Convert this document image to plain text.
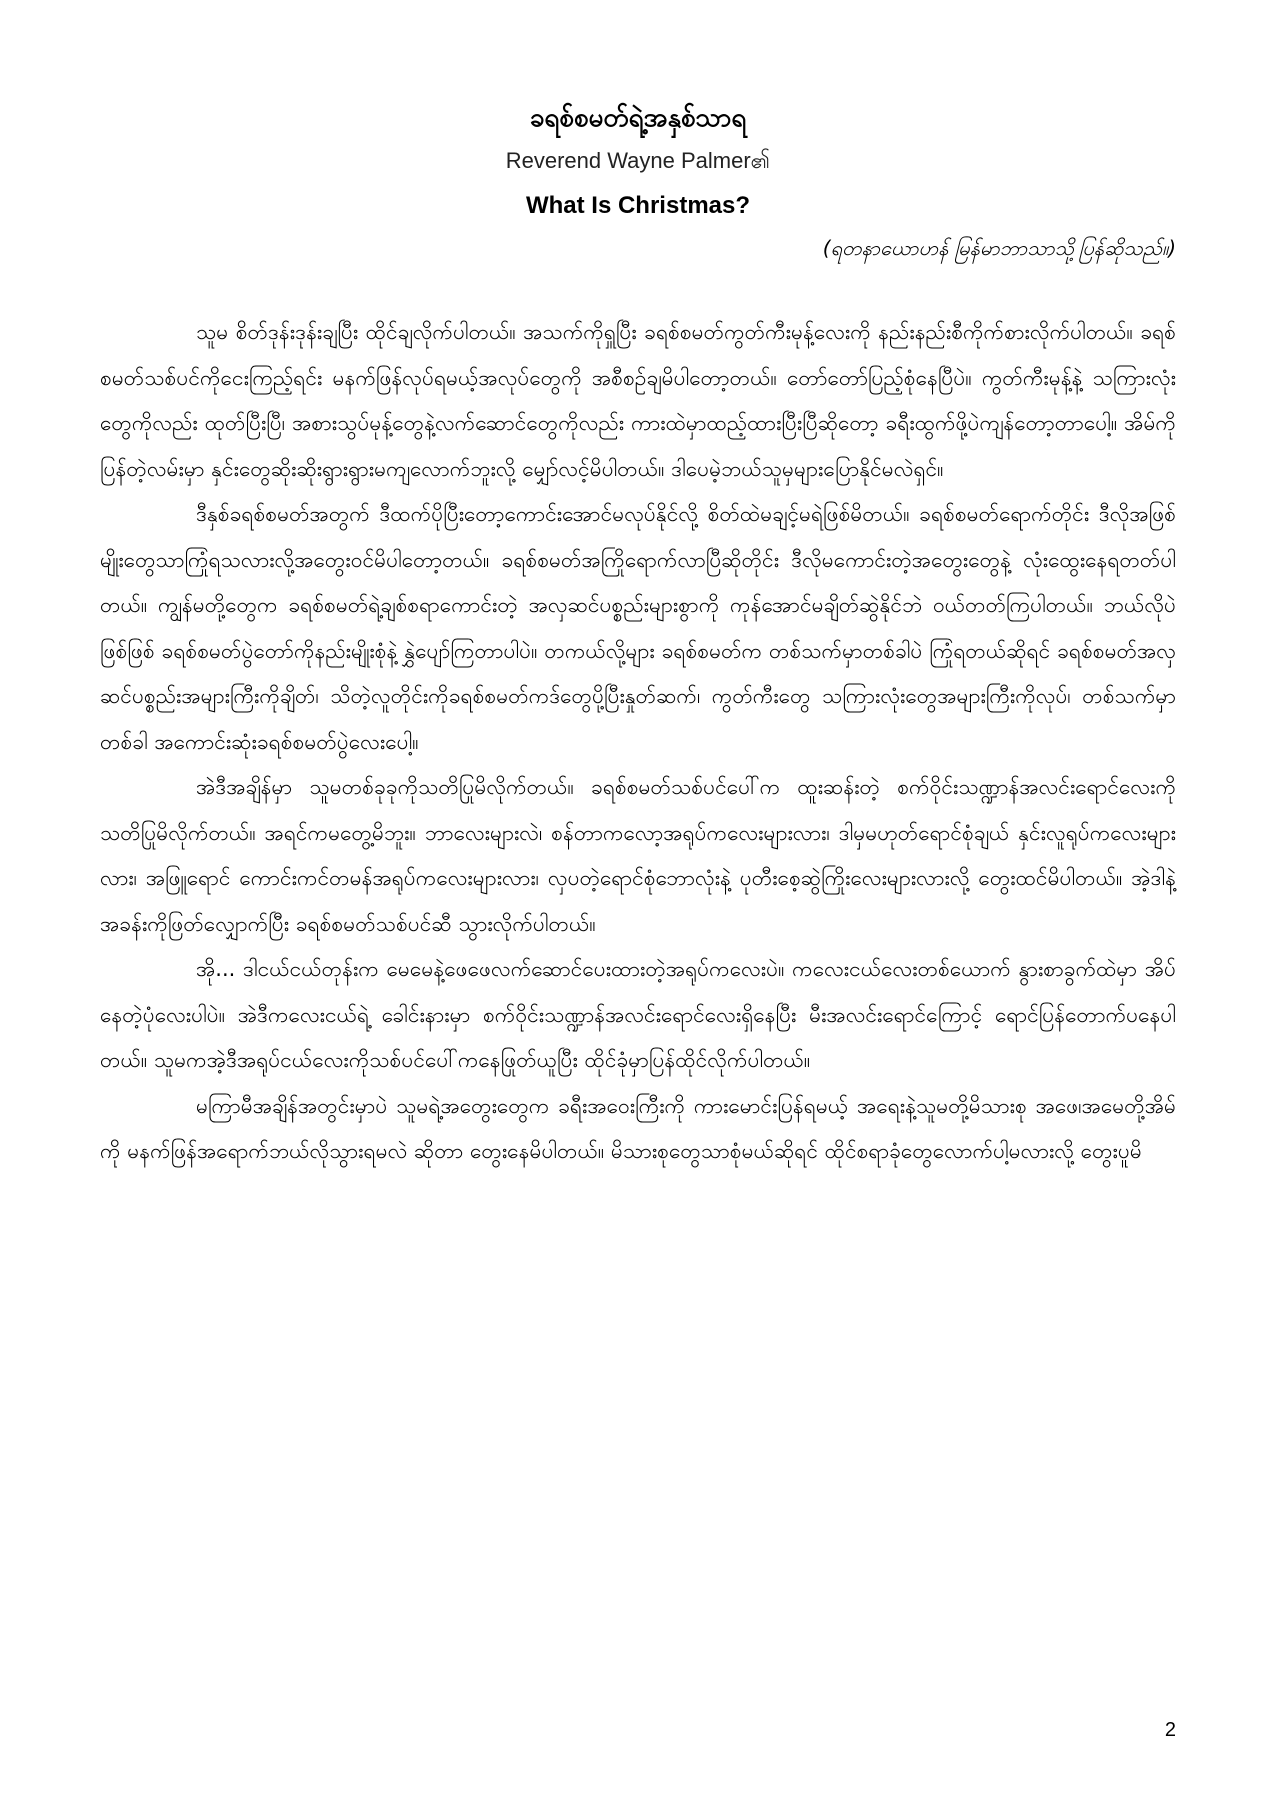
ခရစ်စမတ်ရဲ့အနှစ်သာရ
Reverend Wayne Palmer၏
What Is Christmas?
(ရတနာယောဟန် မြန်မာဘာသာသို့ပြန်ဆိုသည်။)

သူမ စိတ်ဒုန်းဒုန်းချပြီး ထိုင်ချလိုက်ပါတယ်။ အသက်ကိုရှူပြီး ခရစ်စမတ်ကွတ်ကီးမုန့်လေးကို နည်းနည်းစီကိုက်စားလိုက်ပါတယ်။ ခရစ်စမတ်သစ်ပင်ကိုငေးကြည့်ရင်း မနက်ဖြန်လုပ်ရမယ့်အလုပ်တွေကို အစီစဉ်ချမိပါတော့တယ်။ တော်တော်ပြည့်စုံနေပြီပဲ။ ကွတ်ကီးမုန့်နဲ့ သကြားလုံးတွေကိုလည်း ထုတ်ပြီးပြီ၊ အစားသွပ်မုန့်တွေနဲ့လက်ဆောင်တွေကိုလည်း ကားထဲမှာထည့်ထားပြီးပြီဆိုတော့ ခရီးထွက်ဖို့ပဲကျန်တော့တာပေါ့။ အိမ်ကိုပြန်တဲ့လမ်းမှာ နှင်းတွေဆိုးဆိုးရွားရွားမကျလောက်ဘူးလို့ မျှော်လင့်မိပါတယ်။ ဒါပေမဲ့ဘယ်သူမှများပြောနိုင်မလဲရှင်။

ဒီနှစ်ခရစ်စမတ်အတွက် ဒီထက်ပိုပြီးတော့ကောင်းအောင်မလုပ်နိုင်လို့ စိတ်ထဲမချင့်မရဲဖြစ်မိတယ်။ ခရစ်စမတ်ရောက်တိုင်း ဒီလိုအဖြစ်မျိုးတွေသာကြုံရသလားလို့အတွေးဝင်မိပါတော့တယ်။ ခရစ်စမတ်အကြိုရောက်လာပြီဆိုတိုင်း ဒီလိုမကောင်းတဲ့အတွေးတွေနဲ့ လုံးထွေးနေရတတ်ပါတယ်။ ကျွန်မတို့တွေက ခရစ်စမတ်ရဲ့ချစ်စရာကောင်းတဲ့ အလှဆင်ပစ္စည်းများစွာကို ကုန်အောင်မချိတ်ဆွဲနိုင်ဘဲ ဝယ်တတ်ကြပါတယ်။ ဘယ်လိုပဲဖြစ်ဖြစ် ခရစ်စမတ်ပွဲတော်ကိုနည်းမျိုးစုံနဲ့ နွှဲပျော်ကြတာပါပဲ။ တကယ်လို့များ ခရစ်စမတ်က တစ်သက်မှာတစ်ခါပဲ ကြုံရတယ်ဆိုရင် ခရစ်စမတ်အလှဆင်ပစ္စည်းအများကြီးကိုချိတ်၊ သိတဲ့လူတိုင်းကိုခရစ်စမတ်ကဒ်တွေပို့ပြီးနှုတ်ဆက်၊ ကွတ်ကီးတွေ သကြားလုံးတွေအများကြီးကိုလုပ်၊ တစ်သက်မှာတစ်ခါ အကောင်းဆုံးခရစ်စမတ်ပွဲလေးပေါ့။

အဲဒီအချိန်မှာ သူမတစ်ခုခုကိုသတိပြုမိလိုက်တယ်။ ခရစ်စမတ်သစ်ပင်ပေါ်က ထူးဆန်းတဲ့ စက်ဝိုင်းသဏ္ဍာန်အလင်းရောင်လေးကို သတိပြုမိလိုက်တယ်။ အရင်ကမတွေ့မိဘူး။ ဘာလေးများလဲ၊ စန်တာကလော့အရုပ်ကလေးများလား၊ ဒါမှမဟုတ်ရောင်စုံချယ် နှင်းလူရုပ်ကလေးများလား၊ အဖြူရောင် ကောင်းကင်တမန်အရုပ်ကလေးများလား၊ လှပတဲ့ရောင်စုံဘောလုံးနဲ့ ပုတီးစေ့ဆွဲကြိုးလေးများလားလို့ တွေးထင်မိပါတယ်။ အဲ့ဒါနဲ့ အခန်းကိုဖြတ်လျှောက်ပြီး ခရစ်စမတ်သစ်ပင်ဆီ သွားလိုက်ပါတယ်။

အို... ဒါငယ်ငယ်တုန်းက မေမေနဲ့ဖေဖေလက်ဆောင်ပေးထားတဲ့အရုပ်ကလေးပဲ။ ကလေးငယ်လေးတစ်ယောက် နွားစာခွက်ထဲမှာ အိပ်နေတဲ့ပုံလေးပါပဲ။ အဲဒီကလေးငယ်ရဲ့ ခေါင်းနားမှာ စက်ဝိုင်းသဏ္ဍာန်အလင်းရောင်လေးရှိနေပြီး မီးအလင်းရောင်ကြောင့် ရောင်ပြန်တောက်ပနေပါတယ်။ သူမကအဲ့ဒီအရုပ်ငယ်လေးကိုသစ်ပင်ပေါ်ကနေဖြုတ်ယူပြီး ထိုင်ခုံမှာပြန်ထိုင်လိုက်ပါတယ်။

မကြာမီအချိန်အတွင်းမှာပဲ သူမရဲ့အတွေးတွေက ခရီးအဝေးကြီးကို ကားမောင်းပြန်ရမယ့် အရေးနဲ့သူမတို့မိသားစု အဖေ၊အမေတို့အိမ်ကို မနက်ဖြန်အရောက်ဘယ်လိုသွားရမလဲ ဆိုတာ တွေးနေမိပါတယ်။ မိသားစုတွေသာစုံမယ်ဆိုရင် ထိုင်စရာခုံတွေလောက်ပါ့မလားလို့ တွေးပူမိ

2
